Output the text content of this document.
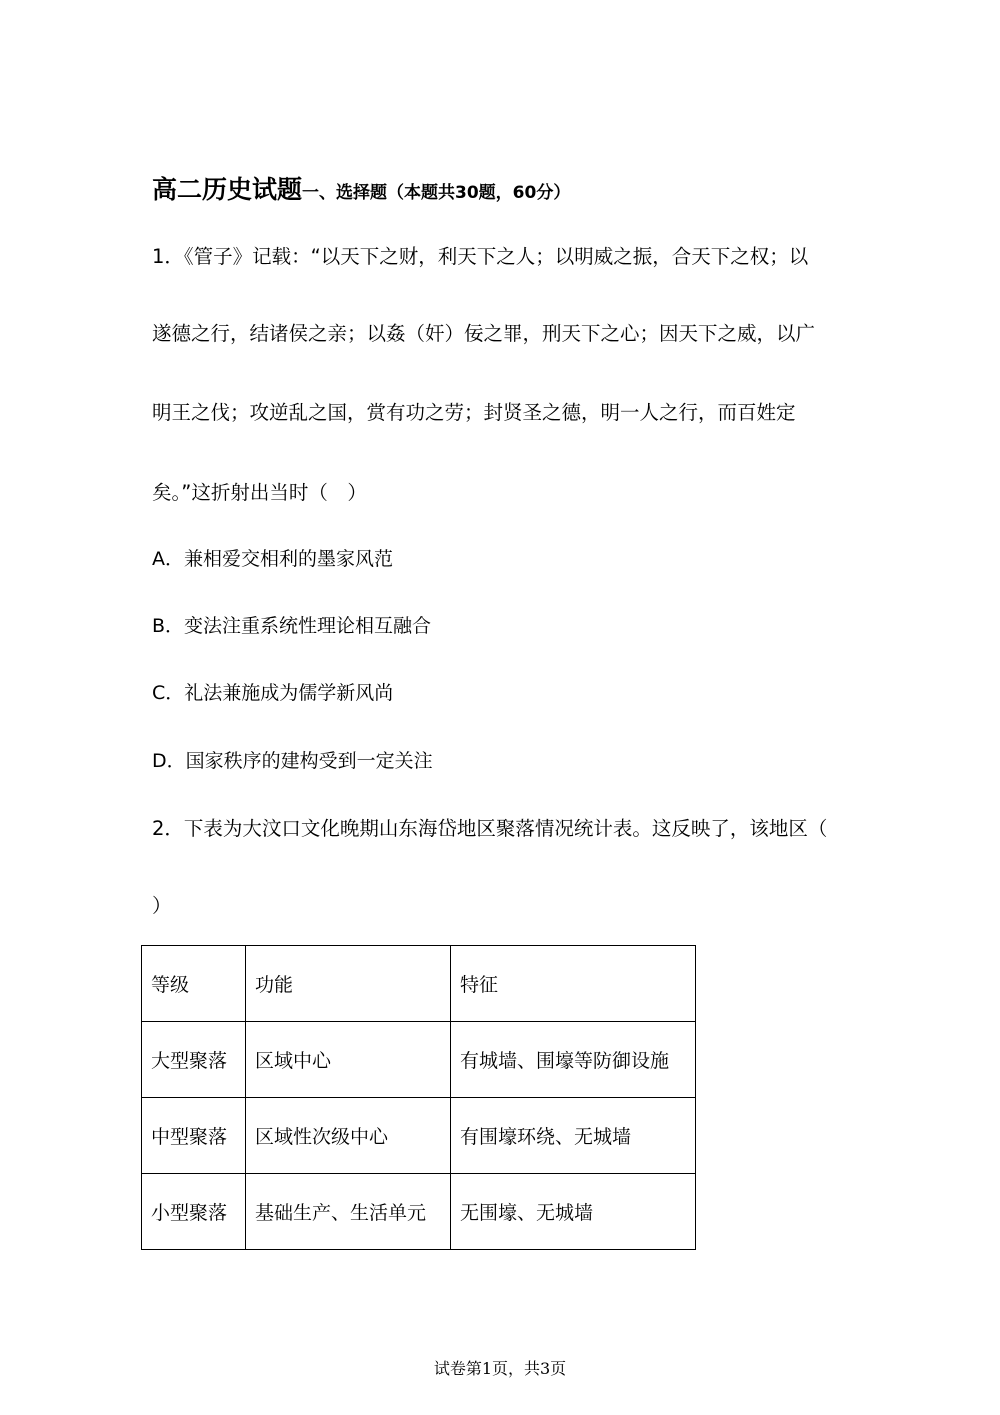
高二历史试题一、选择题（本题共30题，60分）
1．《管子》记载：“以天下之财，利天下之人；以明威之振，合天下之权；以
遂德之行，结诸侯之亲；以姦（奸）佞之罪，刑天下之心；因天下之威，以广
明王之伐；攻逆乱之国，赏有功之劳；封贤圣之德，明一人之行，而百姓定
矣。”这折射出当时（　）
A．兼相爱交相利的墨家风范
B．变法注重系统性理论相互融合
C．礼法兼施成为儒学新风尚
D．国家秩序的建构受到一定关注
2．下表为大汶口文化晚期山东海岱地区聚落情况统计表。这反映了，该地区（
）
等级	功能	特征
大型聚落	区域中心	有城墙、围壕等防御设施
中型聚落	区域性次级中心	有围壕环绕、无城墙
小型聚落	基础生产、生活单元	无围壕、无城墙
试卷第1页，共3页
